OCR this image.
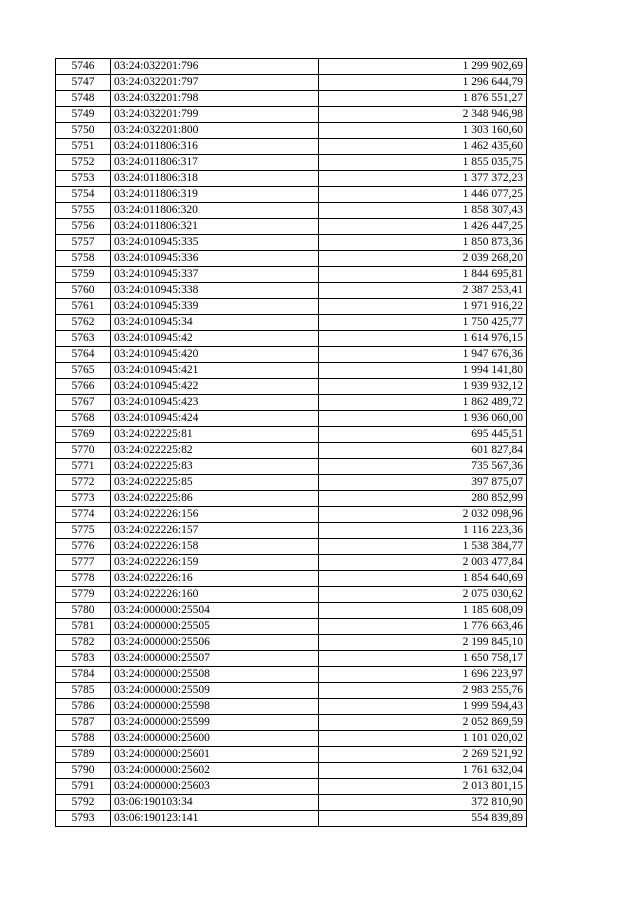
5746	03:24:032201:796	1 299 902,69
5747	03:24:032201:797	1 296 644,79
5748	03:24:032201:798	1 876 551,27
5749	03:24:032201:799	2 348 946,98
5750	03:24:032201:800	1 303 160,60
5751	03:24:011806:316	1 462 435,60
5752	03:24:011806:317	1 855 035,75
5753	03:24:011806:318	1 377 372,23
5754	03:24:011806:319	1 446 077,25
5755	03:24:011806:320	1 858 307,43
5756	03:24:011806:321	1 426 447,25
5757	03:24:010945:335	1 850 873,36
5758	03:24:010945:336	2 039 268,20
5759	03:24:010945:337	1 844 695,81
5760	03:24:010945:338	2 387 253,41
5761	03:24:010945:339	1 971 916,22
5762	03:24:010945:34	1 750 425,77
5763	03:24:010945:42	1 614 976,15
5764	03:24:010945:420	1 947 676,36
5765	03:24:010945:421	1 994 141,80
5766	03:24:010945:422	1 939 932,12
5767	03:24:010945:423	1 862 489,72
5768	03:24:010945:424	1 936 060,00
5769	03:24:022225:81	695 445,51
5770	03:24:022225:82	601 827,84
5771	03:24:022225:83	735 567,36
5772	03:24:022225:85	397 875,07
5773	03:24:022225:86	280 852,99
5774	03:24:022226:156	2 032 098,96
5775	03:24:022226:157	1 116 223,36
5776	03:24:022226:158	1 538 384,77
5777	03:24:022226:159	2 003 477,84
5778	03:24:022226:16	1 854 640,69
5779	03:24:022226:160	2 075 030,62
5780	03:24:000000:25504	1 185 608,09
5781	03:24:000000:25505	1 776 663,46
5782	03:24:000000:25506	2 199 845,10
5783	03:24:000000:25507	1 650 758,17
5784	03:24:000000:25508	1 696 223,97
5785	03:24:000000:25509	2 983 255,76
5786	03:24:000000:25598	1 999 594,43
5787	03:24:000000:25599	2 052 869,59
5788	03:24:000000:25600	1 101 020,02
5789	03:24:000000:25601	2 269 521,92
5790	03:24:000000:25602	1 761 632,04
5791	03:24:000000:25603	2 013 801,15
5792	03:06:190103:34	372 810,90
5793	03:06:190123:141	554 839,89
